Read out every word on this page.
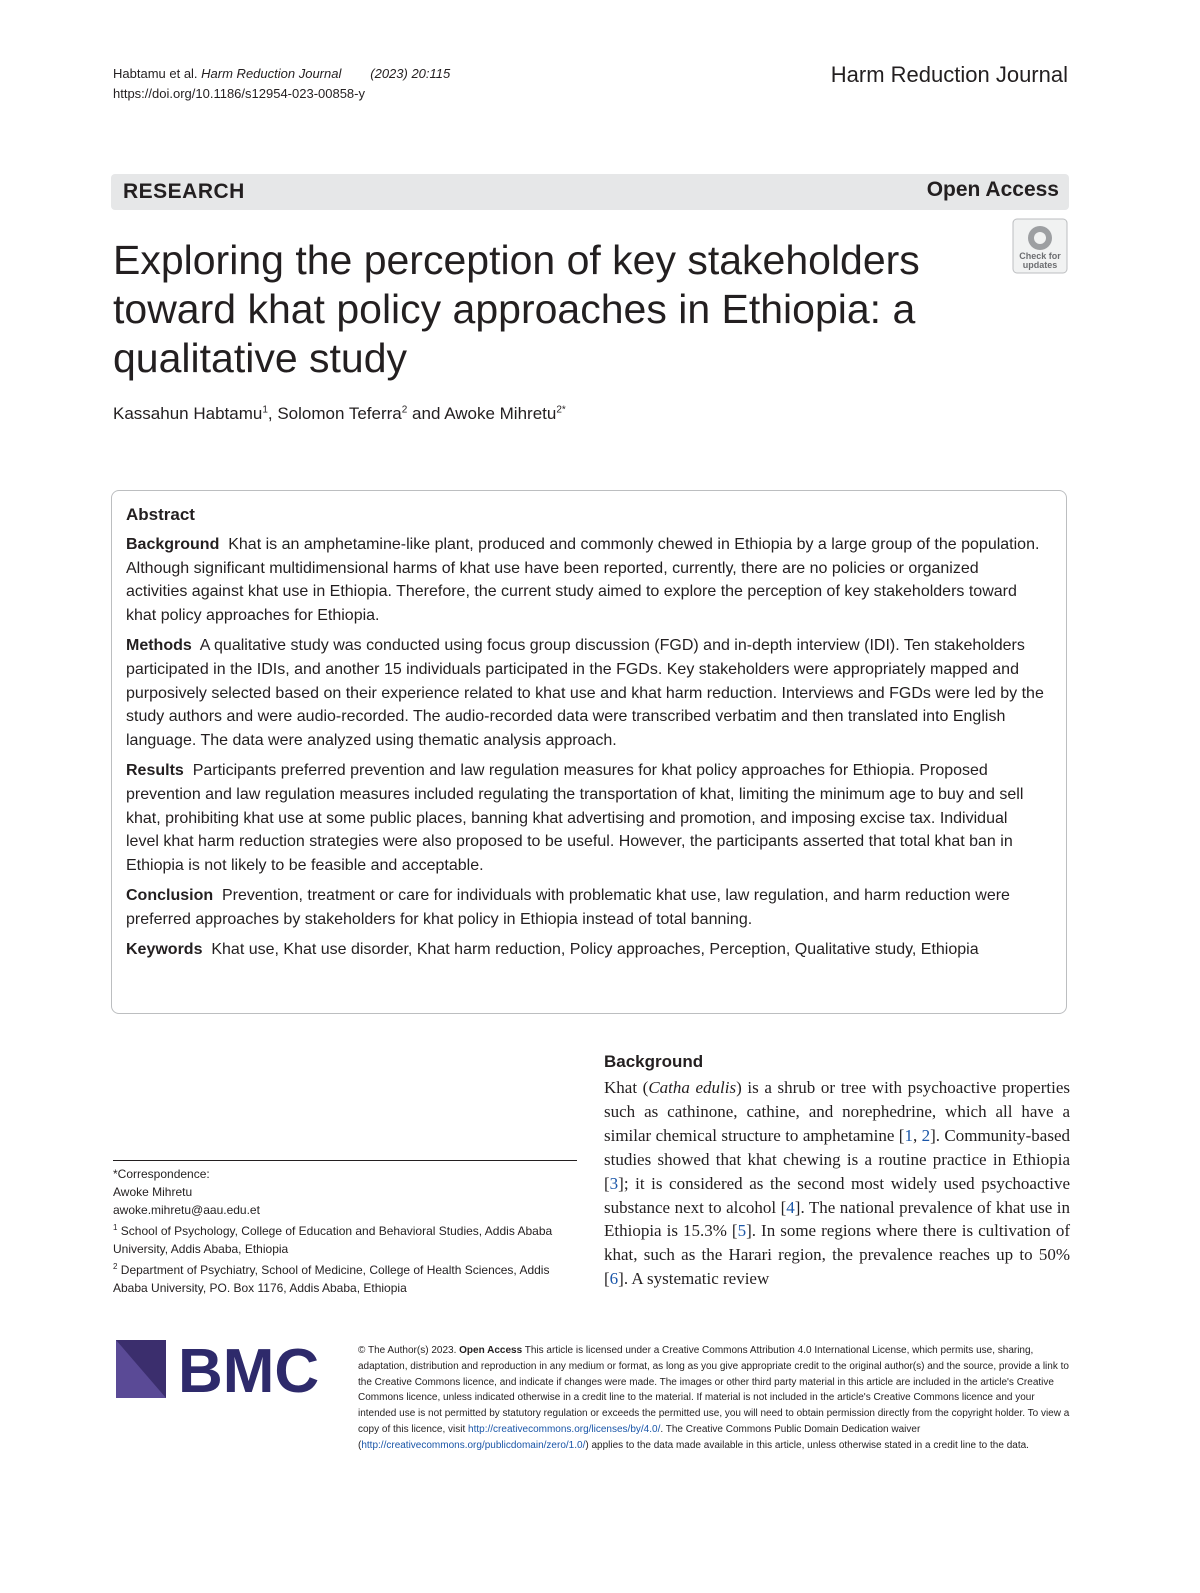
Habtamu et al. Harm Reduction Journal (2023) 20:115
https://doi.org/10.1186/s12954-023-00858-y
Harm Reduction Journal
RESEARCH	Open Access
Exploring the perception of key stakeholders toward khat policy approaches in Ethiopia: a qualitative study
Check for
updates
Kassahun Habtamu$^1$, Solomon Teferra$^2$ and Awoke Mihretu$^{2*}$
Abstract

Background Khat is an amphetamine-like plant, produced and commonly chewed in Ethiopia by a large group of the population. Although significant multidimensional harms of khat use have been reported, currently, there are no policies or organized activities against khat use in Ethiopia. Therefore, the current study aimed to explore the perception of key stakeholders toward khat policy approaches for Ethiopia.

Methods A qualitative study was conducted using focus group discussion (FGD) and in-depth interview (IDI). Ten stakeholders participated in the IDIs, and another 15 individuals participated in the FGDs. Key stakeholders were appropriately mapped and purposively selected based on their experience related to khat use and khat harm reduction. Interviews and FGDs were led by the study authors and were audio-recorded. The audio-recorded data were transcribed verbatim and then translated into English language. The data were analyzed using thematic analysis approach.

Results Participants preferred prevention and law regulation measures for khat policy approaches for Ethiopia. Proposed prevention and law regulation measures included regulating the transportation of khat, limiting the minimum age to buy and sell khat, prohibiting khat use at some public places, banning khat advertising and promotion, and imposing excise tax. Individual level khat harm reduction strategies were also proposed to be useful. However, the participants asserted that total khat ban in Ethiopia is not likely to be feasible and acceptable.

Conclusion Prevention, treatment or care for individuals with problematic khat use, law regulation, and harm reduction were preferred approaches by stakeholders for khat policy in Ethiopia instead of total banning.

Keywords Khat use, Khat use disorder, Khat harm reduction, Policy approaches, Perception, Qualitative study, Ethiopia

*Correspondence:
Awoke Mihretu
awoke.mihretu@aau.edu.et
$^1$ School of Psychology, College of Education and Behavioral Studies, Addis Ababa University, Addis Ababa, Ethiopia
$^2$ Department of Psychiatry, School of Medicine, College of Health Sciences, Addis Ababa University, PO. Box 1176, Addis Ababa, Ethiopia
Background
Khat (Catha edulis) is a shrub or tree with psychoactive properties such as cathinone, cathine, and norephedrine, which all have a similar chemical structure to amphetamine [1, 2]. Community-based studies showed that khat chewing is a routine practice in Ethiopia [3]; it is considered as the second most widely used psychoactive substance next to alcohol [4]. The national prevalence of khat use in Ethiopia is 15.3% [5]. In some regions where there is cultivation of khat, such as the Harari region, the prevalence reaches up to 50% [6]. A systematic review
BMC	© The Author(s) 2023. Open Access This article is licensed under a Creative Commons Attribution 4.0 International License, which permits use, sharing, adaptation, distribution and reproduction in any medium or format, as long as you give appropriate credit to the original author(s) and the source, provide a link to the Creative Commons licence, and indicate if changes were made. The images or other third party material in this article are included in the article's Creative Commons licence, unless indicated otherwise in a credit line to the material. If material is not included in the article's Creative Commons licence and your intended use is not permitted by statutory regulation or exceeds the permitted use, you will need to obtain permission directly from the copyright holder. To view a copy of this licence, visit http://creativecommons.org/licenses/by/4.0/. The Creative Commons Public Domain Dedication waiver (http://creativecommons.org/publicdomain/zero/1.0/) applies to the data made available in this article, unless otherwise stated in a credit line to the data.
